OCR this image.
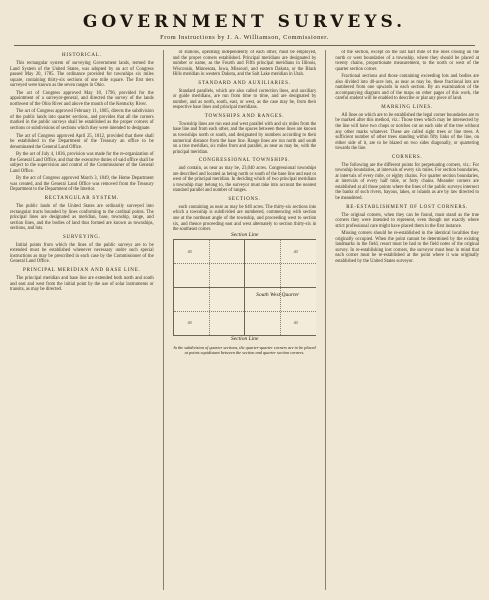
GOVERNMENT SURVEYS.
From Instructions by J. A. Williamson, Commissioner.
HISTORICAL.

This rectangular system of surveying Government lands, termed the Land System of the United States, was adopted by an act of Congress passed May 20, 1785. The ordinance provided for townships six miles square, containing thirty-six sections of one mile square. The first tiers surveyed were known as the seven ranges in Ohio.

The act of Congress approved May 18, 1796, provided for the appointment of a surveyor-general, and directed the survey of the lands northwest of the Ohio River and above the mouth of the Kentucky River.

The act of Congress approved February 11, 1805, directs the subdivision of the public lands into quarter sections, and provides that all the corners marked in the public surveys shall be established as the proper corners of sections or subdivisions of sections which they were intended to designate.

The act of Congress approved April 25, 1812, provided that there shall be established in the Department of the Treasury an office to be denominated the General Land Office.

By the act of July 4, 1836, provision was made for the re-organization of the General Land Office, and that the executive duties of said office shall be subject to the supervision and control of the Commissioner of the General Land Office.

By the act of Congress approved March 3, 1849, the Home Department was created, and the General Land Office was removed from the Treasury Department to the Department of the Interior.

RECTANGULAR SYSTEM.

The public lands of the United States are ordinarily surveyed into rectangular tracts bounded by lines conforming to the cardinal points. The principal lines are designated as meridian, base, township, range, and section lines, and the bodies of land thus formed are known as townships, sections, and lots.

SURVEYING.

Initial points from which the lines of the public surveys are to be extended must be established whenever necessary under such special instructions as may be prescribed in each case by the Commissioner of the General Land Office.

PRINCIPAL MERIDIAN AND BASE LINE.

The principal meridian and base line are extended both north and south and east and west from the initial point by the use of solar instruments or transits, as may be directed.

of stations, operating independently of each other, must be employed, and the proper corners established. Principal meridians are designated by number or name, as the Fourth and Fifth principal meridians in Illinois, Wisconsin, Minnesota, Iowa, Missouri, and eastern Dakota, or the Black Hills meridian in western Dakota, and the Salt Lake meridian in Utah.

STANDARD AND AUXILIARIES.

Standard parallels, which are also called correction lines, and auxiliary or guide meridians, are run from time to time, and are designated by number, and as north, south, east, or west, as the case may be, from their respective base lines and principal meridians.

TOWNSHIPS AND RANGES.

Township lines are run east and west parallel with and six miles from the base line and from each other, and the spaces between these lines are known as townships north or south, and designated by numbers according to their numerical distance from the base line. Range lines are run north and south on a true meridian, six miles from and parallel, as near as may be, with the principal meridian.

CONGRESSIONAL TOWNSHIPS.

and contain, as near as may be, 23,040 acres. Congressional townships are described and located as being north or south of the base line and east or west of the principal meridian. In deciding which of two principal meridians a township may belong to, the surveyor must take into account the nearest standard parallel and number of ranges.

SECTIONS.

each containing as near as may be 640 acres. The thirty-six sections into which a township is subdivided are numbered, commencing with section one at the northeast angle of the township, and proceeding west to section six, and thence proceeding east and west alternately to section thirty-six in the southeast corner.

Section Line
South West Quarter
40	40
40	40
Section Line

In the subdivision of quarter sections, the quarter-quarter corners are to be placed at points equidistant between the section and quarter section corners.

of the section, except on the last half mile of the lines closing on the north or west boundaries of a township, where they should be placed at twenty chains, proportionate measurement, to the north or west of the quarter section corner.

Fractional sections and those containing exceeding lots and bodies are also divided into 40-acre lots, as near as may be, these fractional lots are numbered from one upwards in each section. By an examination of the accompanying diagram and of the maps on other pages of this work, the careful student will be enabled to describe or plat any piece of land.

MARKING LINES.

All lines on which are to be established the legal corner boundaries are to be marked after this method, viz.: Those trees which may be intersected by the line will have two chops or notches cut on each side of the tree without any other marks whatever. These are called sight trees or line trees. A sufficient number of other trees standing within fifty links of the line, on either side of it, are to be blazed on two sides diagonally, or quartering towards the line.

CORNERS.

The following are the different points for perpetuating corners, viz.: For township boundaries, at intervals of every six miles. For section boundaries, at intervals of every mile, or eighty chains. For quarter section boundaries, at intervals of every half mile, or forty chains. Meander corners are established at all those points where the lines of the public surveys intersect the banks of such rivers, bayous, lakes, or islands as are by law directed to be meandered.

RE-ESTABLISHMENT OF LOST CORNERS.

The original corners, when they can be found, must stand as the true corners they were intended to represent, even though not exactly where strict professional care might have placed them in the first instance.

Missing corners should be re-established in the identical localities they originally occupied. When the point cannot be determined by the existing landmarks in the field, resort must be had to the field notes of the original survey. In re-establishing lost corners, the surveyor must bear in mind that each corner must be re-established at the point where it was originally established by the United States surveyor.
